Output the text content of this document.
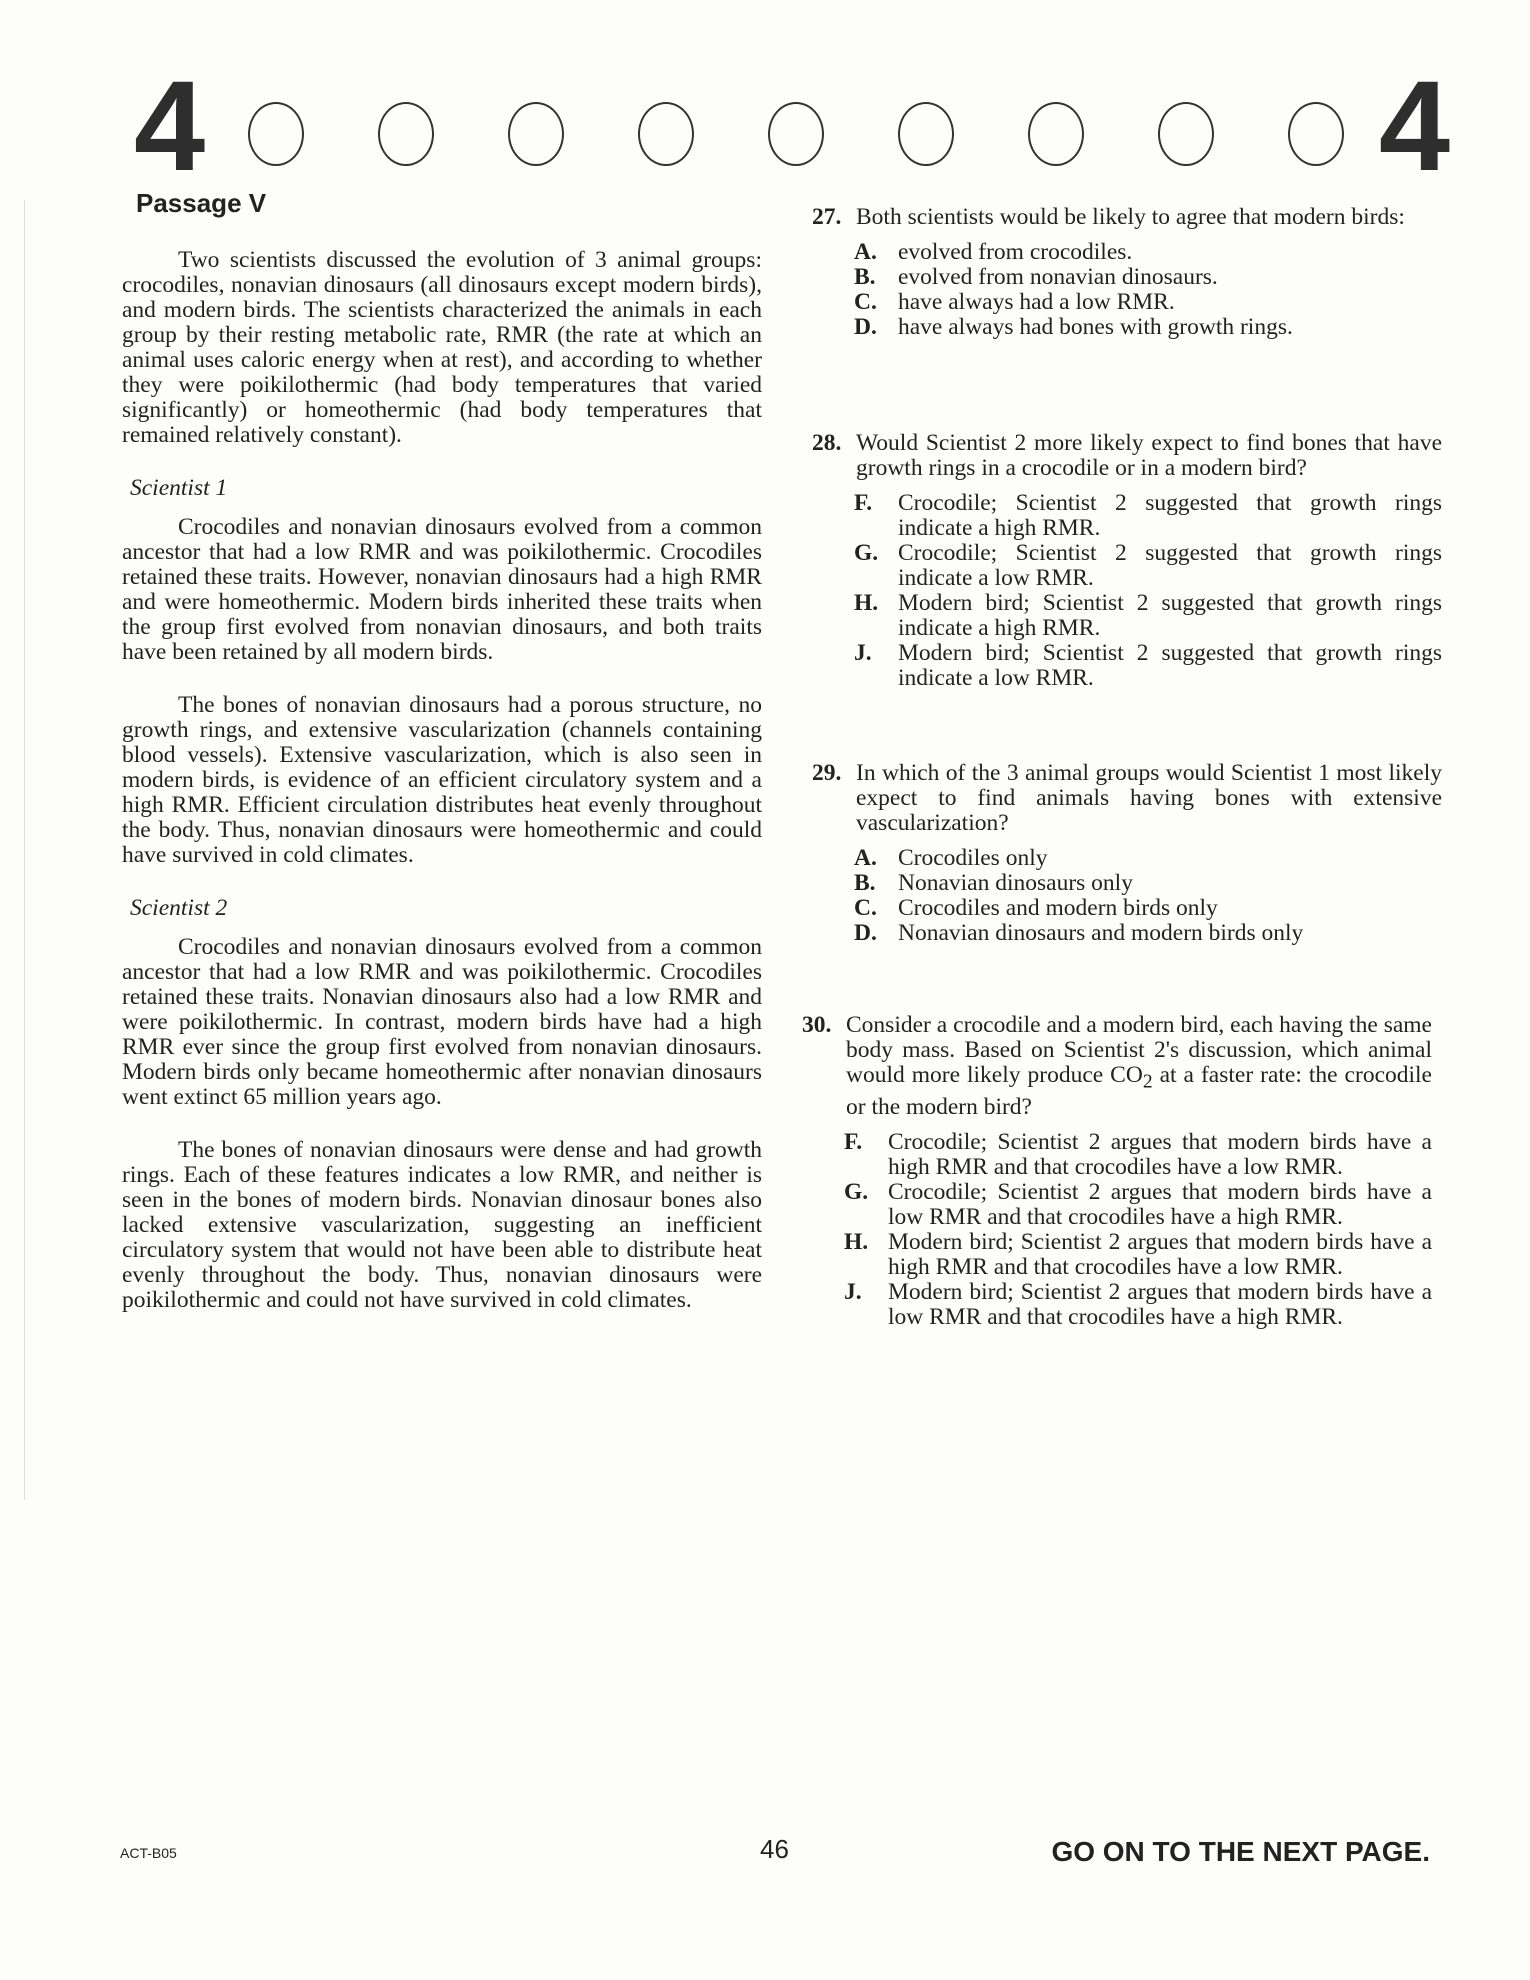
4	4
Passage V

Two scientists discussed the evolution of 3 animal groups: crocodiles, nonavian dinosaurs (all dinosaurs except modern birds), and modern birds. The scientists characterized the animals in each group by their resting metabolic rate, RMR (the rate at which an animal uses caloric energy when at rest), and according to whether they were poikilothermic (had body temperatures that varied significantly) or homeothermic (had body temperatures that remained relatively constant).

Scientist 1

Crocodiles and nonavian dinosaurs evolved from a common ancestor that had a low RMR and was poikilothermic. Crocodiles retained these traits. However, nonavian dinosaurs had a high RMR and were homeothermic. Modern birds inherited these traits when the group first evolved from nonavian dinosaurs, and both traits have been retained by all modern birds.

The bones of nonavian dinosaurs had a porous structure, no growth rings, and extensive vascularization (channels containing blood vessels). Extensive vascularization, which is also seen in modern birds, is evidence of an efficient circulatory system and a high RMR. Efficient circulation distributes heat evenly throughout the body. Thus, nonavian dinosaurs were homeothermic and could have survived in cold climates.

Scientist 2

Crocodiles and nonavian dinosaurs evolved from a common ancestor that had a low RMR and was poikilothermic. Crocodiles retained these traits. Nonavian dinosaurs also had a low RMR and were poikilothermic. In contrast, modern birds have had a high RMR ever since the group first evolved from nonavian dinosaurs. Modern birds only became homeothermic after nonavian dinosaurs went extinct 65 million years ago.

The bones of nonavian dinosaurs were dense and had growth rings. Each of these features indicates a low RMR, and neither is seen in the bones of modern birds. Nonavian dinosaur bones also lacked extensive vascularization, suggesting an inefficient circulatory system that would not have been able to distribute heat evenly throughout the body. Thus, nonavian dinosaurs were poikilothermic and could not have survived in cold climates.

27. Both scientists would be likely to agree that modern birds:
A. evolved from crocodiles.
B. evolved from nonavian dinosaurs.
C. have always had a low RMR.
D. have always had bones with growth rings.
28. Would Scientist 2 more likely expect to find bones that have growth rings in a crocodile or in a modern bird?
F. Crocodile; Scientist 2 suggested that growth rings indicate a high RMR.
G. Crocodile; Scientist 2 suggested that growth rings indicate a low RMR.
H. Modern bird; Scientist 2 suggested that growth rings indicate a high RMR.
J. Modern bird; Scientist 2 suggested that growth rings indicate a low RMR.
29. In which of the 3 animal groups would Scientist 1 most likely expect to find animals having bones with extensive vascularization?
A. Crocodiles only
B. Nonavian dinosaurs only
C. Crocodiles and modern birds only
D. Nonavian dinosaurs and modern birds only
30. Consider a crocodile and a modern bird, each having the same body mass. Based on Scientist 2's discussion, which animal would more likely produce $CO_2$ at a faster rate: the crocodile or the modern bird?
F. Crocodile; Scientist 2 argues that modern birds have a high RMR and that crocodiles have a low RMR.
G. Crocodile; Scientist 2 argues that modern birds have a low RMR and that crocodiles have a high RMR.
H. Modern bird; Scientist 2 argues that modern birds have a high RMR and that crocodiles have a low RMR.
J. Modern bird; Scientist 2 argues that modern birds have a low RMR and that crocodiles have a high RMR.
ACT-B05	46	GO ON TO THE NEXT PAGE.
